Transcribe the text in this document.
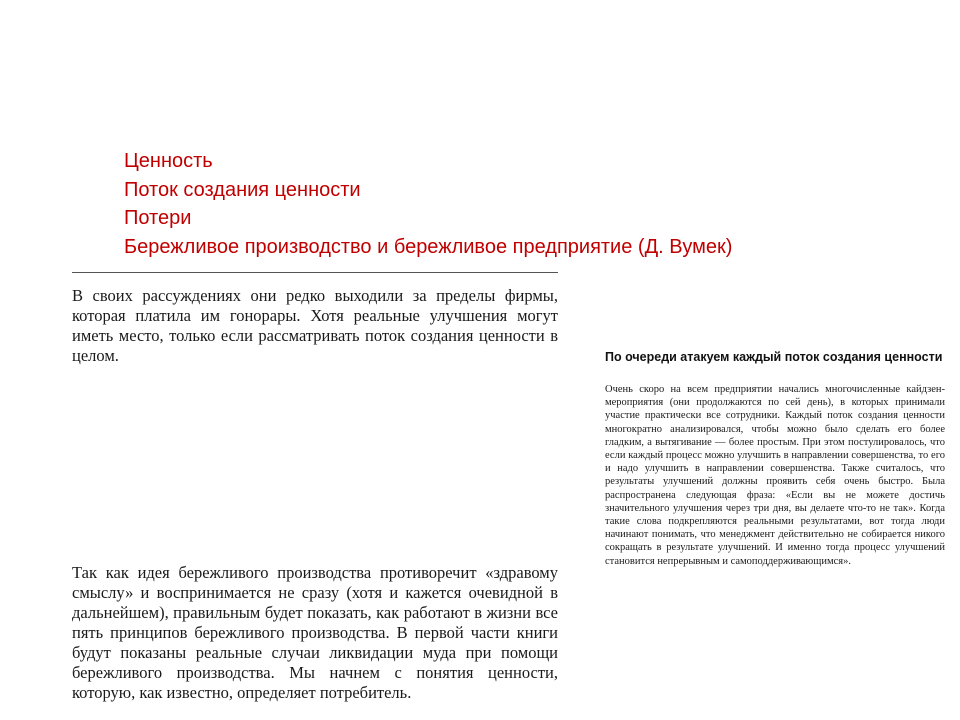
Ценность
Поток создания ценности
Потери
Бережливое производство и бережливое предприятие (Д. Вумек)

В своих рассуждениях они редко выходили за пределы фирмы, которая платила им гонорары. Хотя реальные улучшения могут иметь место, только если рассматривать поток создания ценности в целом.	По очереди атакуем каждый поток создания ценности

Очень скоро на всем предприятии начались многочисленные кайдзен-мероприятия (они продолжаются по сей день), в которых принимали участие практически все сотрудники. Каждый поток создания ценности многократно анализировался, чтобы можно было сделать его более гладким, а вытягивание — более простым. При этом постулировалось, что если каждый процесс можно улучшить в направлении совершенства, то его и надо улучшить в направлении совершенства. Также считалось, что результаты улучшений должны проявить себя очень быстро. Была распространена следующая фраза: «Если вы не можете достичь значительного улучшения через три дня, вы делаете что-то не так». Когда такие слова подкрепляются реальными результатами, вот тогда люди начинают понимать, что менеджмент действительно не собирается никого сокращать в результате улучшений. И именно тогда процесс улучшений становится непрерывным и самоподдерживающимся».

Так как идея бережливого производства противоречит «здравому смыслу» и воспринимается не сразу (хотя и кажется очевидной в дальнейшем), правильным будет показать, как работают в жизни все пять принципов бережливого производства. В первой части книги будут показаны реальные случаи ликвидации муда при помощи бережливого производства. Мы начнем с понятия ценности, которую, как известно, определяет потребитель.
